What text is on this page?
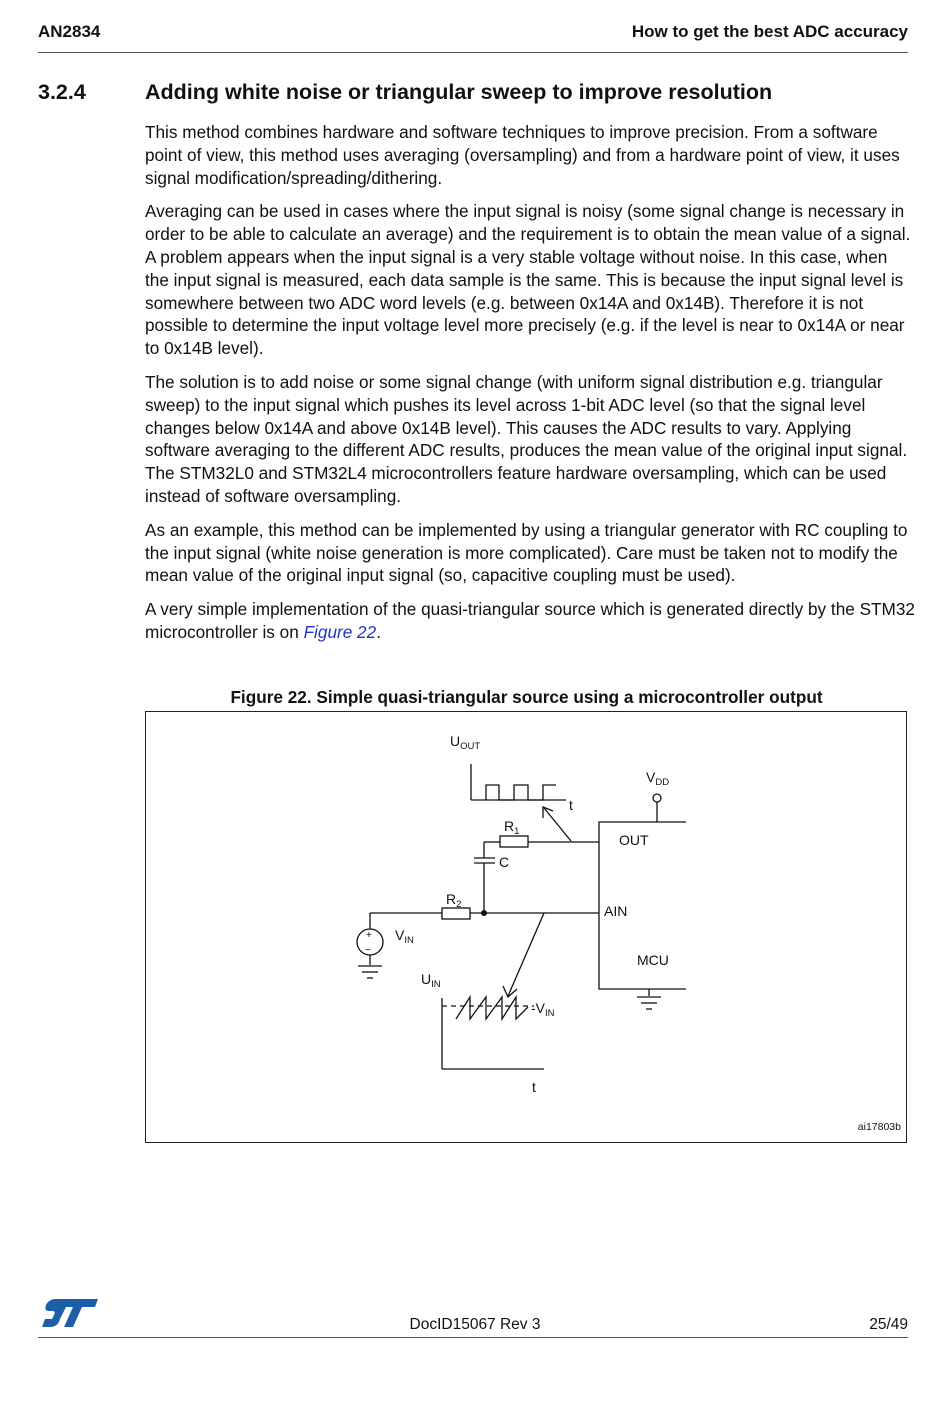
AN2834	How to get the best ADC accuracy
3.2.4	Adding white noise or triangular sweep to improve resolution

This method combines hardware and software techniques to improve precision. From a software point of view, this method uses averaging (oversampling) and from a hardware point of view, it uses signal modification/spreading/dithering.

Averaging can be used in cases where the input signal is noisy (some signal change is necessary in order to be able to calculate an average) and the requirement is to obtain the mean value of a signal. A problem appears when the input signal is a very stable voltage without noise. In this case, when the input signal is measured, each data sample is the same. This is because the input signal level is somewhere between two ADC word levels (e.g. between 0x14A and 0x14B). Therefore it is not possible to determine the input voltage level more precisely (e.g. if the level is near to 0x14A or near to 0x14B level).

The solution is to add noise or some signal change (with uniform signal distribution e.g. triangular sweep) to the input signal which pushes its level across 1-bit ADC level (so that the signal level changes below 0x14A and above 0x14B level). This causes the ADC results to vary. Applying software averaging to the different ADC results, produces the mean value of the original input signal. The STM32L0 and STM32L4 microcontrollers feature hardware oversampling, which can be used instead of software oversampling.

As an example, this method can be implemented by using a triangular generator with RC coupling to the input signal (white noise generation is more complicated). Care must be taken not to modify the mean value of the original input signal (so, capacitive coupling must be used).

A very simple implementation of the quasi-triangular source which is generated directly by the STM32 microcontroller is on Figure 22.

Figure 22. Simple quasi-triangular source using a microcontroller output
$U_{OUT}$
t
$V_{DD}$
$R_1$
C
$R_2$
OUT
AIN
MCU
+
−
$V_{IN}$
$U_{IN}$
$-V_{IN}$
t
ai17803b
DocID15067 Rev 3	25/49
